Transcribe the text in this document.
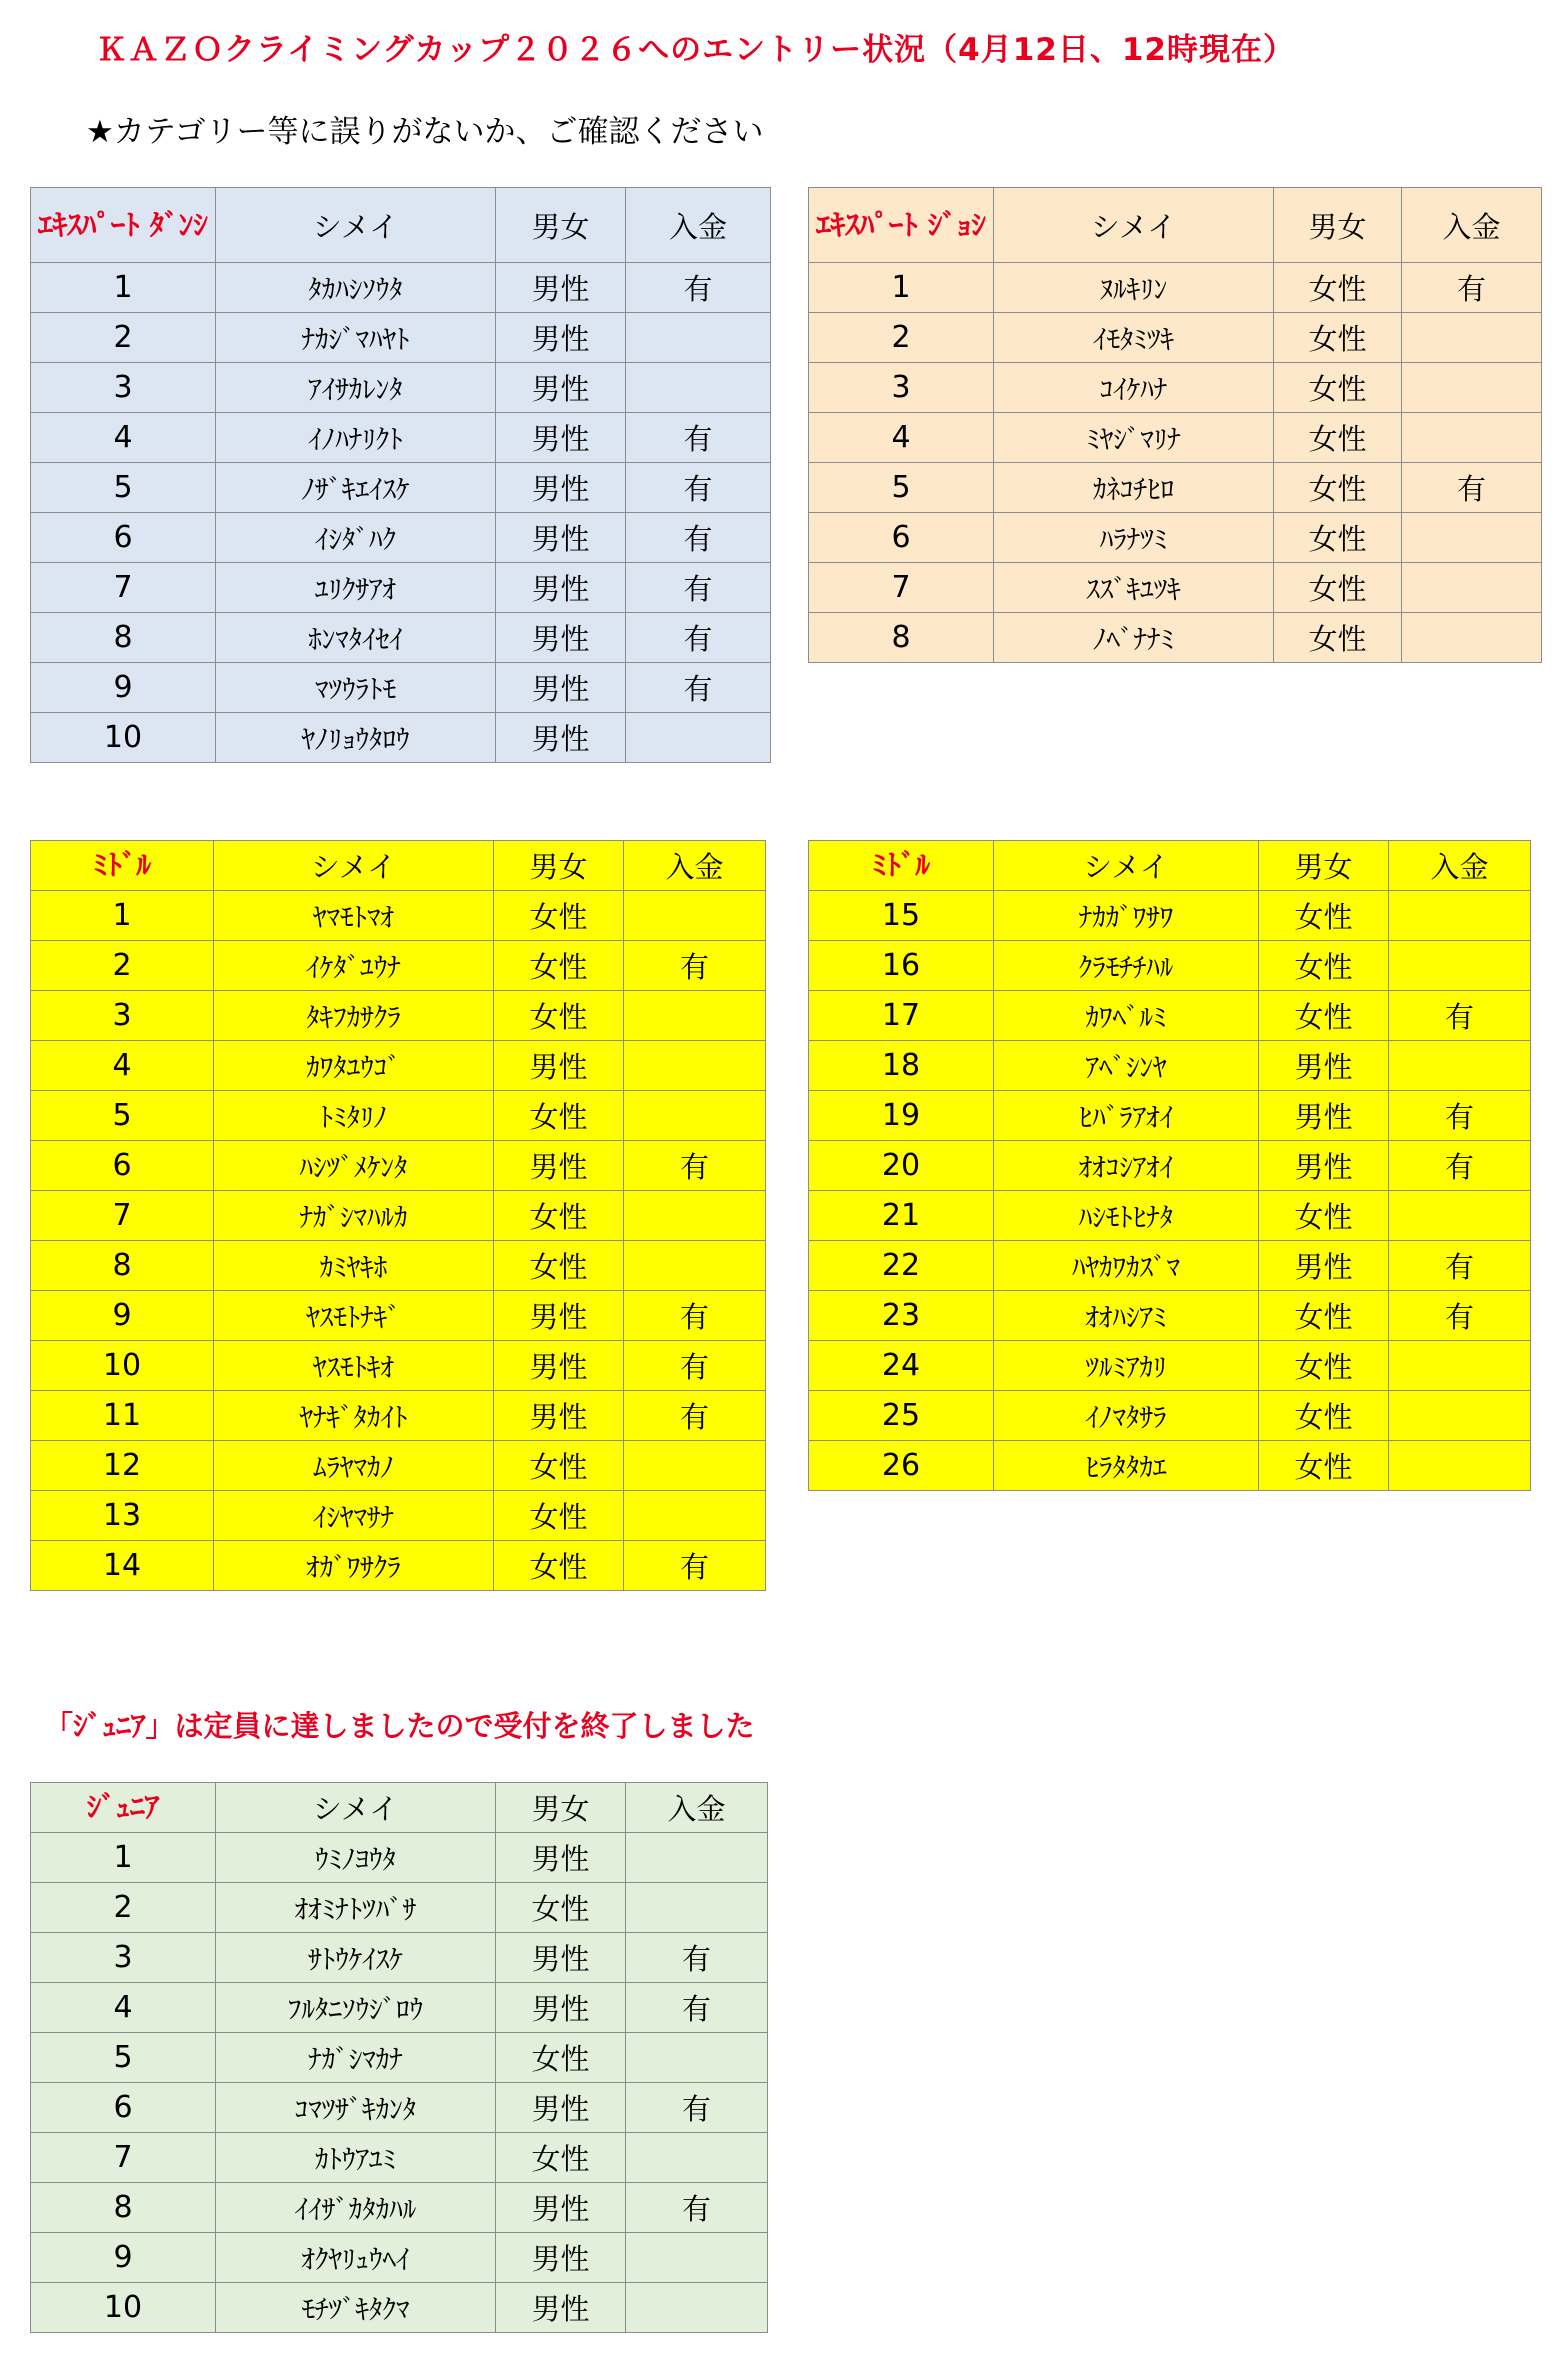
ＫＡＺＯクライミングカップ２０２６へのエントリー状況（4月12日、12時現在）
★カテゴリー等に誤りがないか、ご確認ください
ｴｷｽﾊﾟｰﾄ ﾀﾞﾝｼ	シメイ	男女	入金
1	ﾀｶﾊｼｿｳﾀ	男性	有
2	ﾅｶｼﾞﾏﾊﾔﾄ	男性	
3	ｱｲｻｶﾚﾝﾀ	男性	
4	ｲﾉﾊﾅﾘｸﾄ	男性	有
5	ﾉｻﾞｷｴｲｽｹ	男性	有
6	ｲｼﾀﾞﾊｸ	男性	有
7	ﾕﾘｸｻｱｵ	男性	有
8	ﾎﾝﾏﾀｲｾｲ	男性	有
9	ﾏﾂｳﾗﾄﾓ	男性	有
10	ﾔﾉﾘｮｳﾀﾛｳ	男性	
ｴｷｽﾊﾟｰﾄ ｼﾞｮｼ	シメイ	男女	入金
1	ﾇﾙｷﾘﾝ	女性	有
2	ｲﾓﾀﾐﾂｷ	女性	
3	ｺｲｹﾊﾅ	女性	
4	ﾐﾔｼﾞﾏﾘﾅ	女性	
5	ｶﾈｺﾁﾋﾛ	女性	有
6	ﾊﾗﾅﾂﾐ	女性	
7	ｽｽﾞｷﾕﾂｷ	女性	
8	ﾉﾍﾞﾅﾅﾐ	女性	
ﾐﾄﾞﾙ	シメイ	男女	入金
1	ﾔﾏﾓﾄﾏｵ	女性	
2	ｲｹﾀﾞﾕｳﾅ	女性	有
3	ﾀｷﾌｶｻｸﾗ	女性	
4	ｶﾜﾀﾕｳｺﾞ	男性	
5	ﾄﾐﾀﾘﾉ	女性	
6	ﾊｼﾂﾞﾒｹﾝﾀ	男性	有
7	ﾅｶﾞｼﾏﾊﾙｶ	女性	
8	ｶﾐﾔｷﾎ	女性	
9	ﾔｽﾓﾄﾅｷﾞ	男性	有
10	ﾔｽﾓﾄｷｵ	男性	有
11	ﾔﾅｷﾞﾀｶｲﾄ	男性	有
12	ﾑﾗﾔﾏｶﾉ	女性	
13	ｲｼﾔﾏｻﾅ	女性	
14	ｵｶﾞﾜｻｸﾗ	女性	有
ﾐﾄﾞﾙ	シメイ	男女	入金
15	ﾅｶｶﾞﾜｻﾜ	女性	
16	ｸﾗﾓﾁﾁﾊﾙ	女性	
17	ｶﾜﾍﾞﾙﾐ	女性	有
18	ｱﾍﾞｼﾝﾔ	男性	
19	ﾋﾊﾞﾗｱｵｲ	男性	有
20	ｵｵｺｼｱｵｲ	男性	有
21	ﾊｼﾓﾄﾋﾅﾀ	女性	
22	ﾊﾔｶﾜｶｽﾞﾏ	男性	有
23	ｵｵﾊｼｱﾐ	女性	有
24	ﾂﾙﾐｱｶﾘ	女性	
25	ｲﾉﾏﾀｻﾗ	女性	
26	ﾋﾗﾀﾀｶｴ	女性	
「ｼﾞｭﾆｱ」は定員に達しましたので受付を終了しました
ｼﾞｭﾆｱ	シメイ	男女	入金
1	ｳﾐﾉﾖｳﾀ	男性	
2	ｵｵﾐﾅﾄﾂﾊﾞｻ	女性	
3	ｻﾄｳｹｲｽｹ	男性	有
4	ﾌﾙﾀﾆｿｳｼﾞﾛｳ	男性	有
5	ﾅｶﾞｼﾏｶﾅ	女性	
6	ｺﾏﾂｻﾞｷｶﾝﾀ	男性	有
7	ｶﾄｳｱﾕﾐ	女性	
8	ｲｲｻﾞｶﾀｶﾊﾙ	男性	有
9	ｵｸﾔﾘｭｳﾍｲ	男性	
10	ﾓﾁﾂﾞｷﾀｸﾏ	男性	
